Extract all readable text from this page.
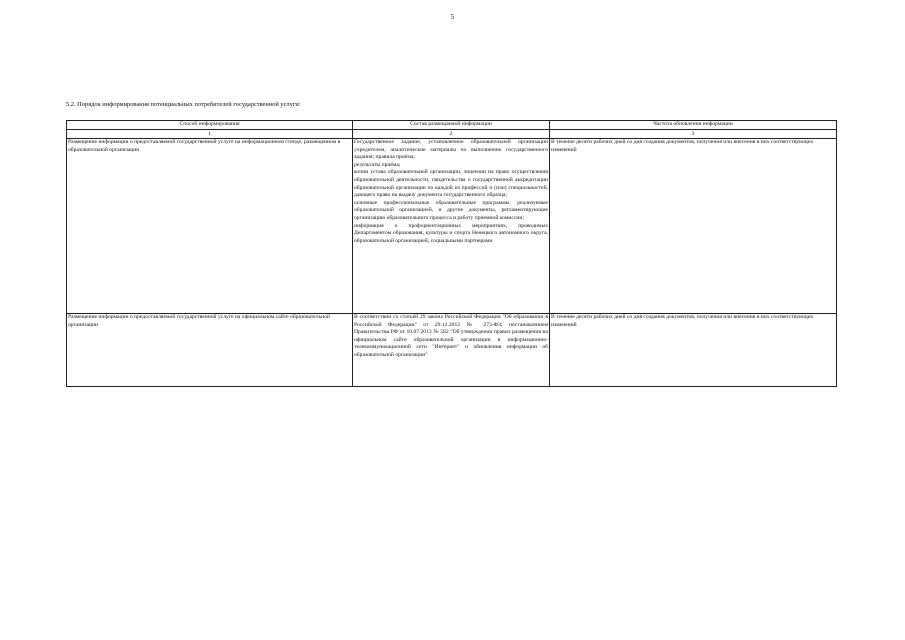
5
5.2. Порядок информирования потенциальных потребителей государственной услуги:
Способ информирования	Состав размещаемой информации	Частота обновления информации
1	2	3
Размещение информации о предоставляемой государственной услуге на информационном стенде, размещенном в образовательной организации	Государственное задание, установленное образовательной организации учредителем, аналитические материалы по выполнению государственного задания; правила приёма;
результаты приёма;
копии устава образовательной организации, лицензии на право осуществления образовательной деятельности, свидетельства о государственной аккредитации образовательной организации по каждой из профессий и (или) специальностей, дающего право на выдачу документа государственного образца;
основные профессиональные образовательные программы, реализуемые образовательной организацией, и другие документы, регламентирующие организацию образовательного процесса и работу приемной комиссии;
информация о профориентационных мероприятиях, проводимых Департаментом образования, культуры и спорта Ненецкого автономного округа, образовательной организацией, социальными партнерами	В течение десяти рабочих дней со дня создания документов, получения или внесения в них соответствующих изменений
Размещение информации о предоставляемой государственной услуге на официальном сайте образовательной организации	В соответствии со статьёй 29 закона Российской Федерации "Об образовании в Российской Федерации" от 29.12.2012 № 273-ФЗ; постановлением Правительства РФ от 10.07.2013 № 582 "Об утверждении правил размещения на официальном сайте образовательной организации в информационно-телекоммуникационной сети "Интернет" и обновления информации об образовательной организации"	В течение десяти рабочих дней со дня создания документов, получения или внесения в них соответствующих изменений
